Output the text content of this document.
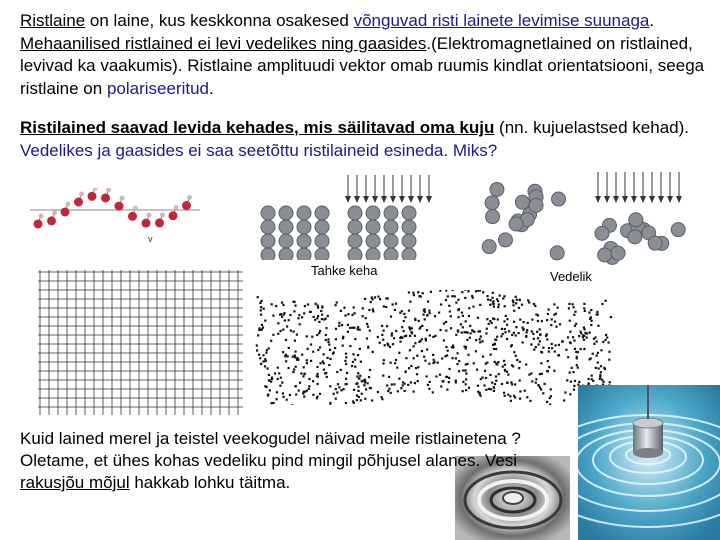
Ristlaine on laine, kus keskkonna osakesed võnguvad risti lainete levimise suunaga. Mehaanilised ristlained ei levi vedelikes ning gaasides.(Elektromagnetlained on ristlained, levivad ka vaakumis). Ristlaine amplituudi vektor omab ruumis kindlat orientatsiooni, seega ristlaine on polariseeritud.
Ristilained saavad levida kehades, mis säilitavad oma kuju (nn. kujuelastsed kehad). Vedelikes ja gaasides ei saa seetõttu ristilaineid esineda. Miks?
v
Tahke keha	Vedelik
Kuid lained merel ja teistel veekogudel näivad meile ristlainetena ? Oletame, et ühes kohas vedeliku pind mingil põhjusel alanes. Vesi rakusjõu mõjul hakkab lohku täitma.
